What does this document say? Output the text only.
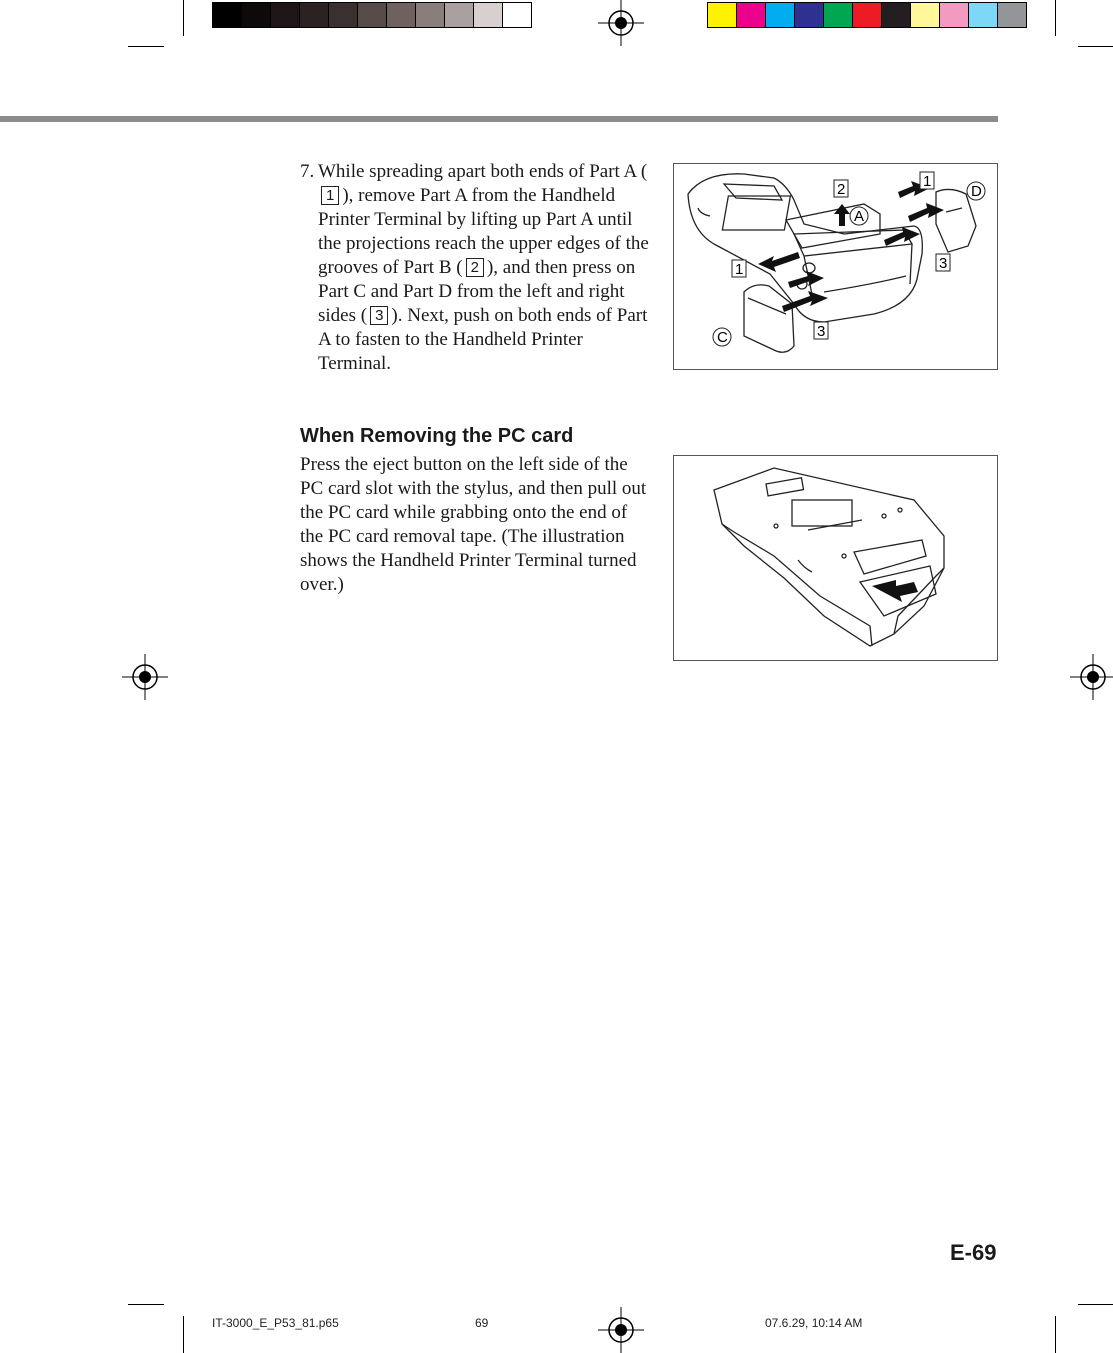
7. While spreading apart both ends of Part A (1 ), remove Part A from the Handheld Printer Terminal by lifting up Part A until the projections reach the upper edges of the grooves of Part B ( 2 ), and then press on Part C and Part D from the left and right sides ( 3 ). Next, push on both ends of Part A to fasten to the Handheld Printer Terminal.
2	1
1	3
3
A
C
D
When Removing the PC card
Press the eject button on the left side of the PC card slot with the stylus, and then pull out the PC card while grabbing onto the end of the PC card removal tape. (The illustration shows the Handheld Printer Terminal turned over.)
E-69
IT-3000_E_P53_81.p65	69	07.6.29, 10:14 AM
